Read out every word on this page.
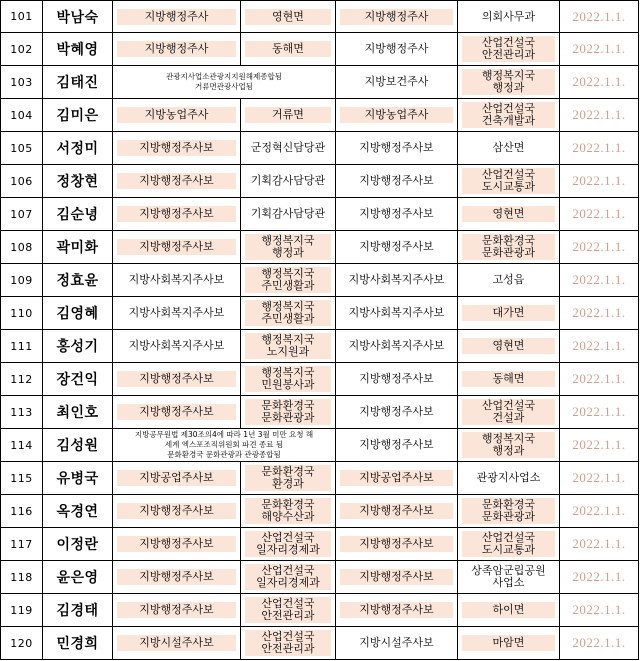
101	박남숙	지방행정주사	영현면	지방행정주사	의회사무과	2022.1.1.
102	박혜영	지방행정주사	동해면	지방행정주사	산업건설국
안전관리과	2022.1.1.
103	김태진	관광지사업소관광지지원해제종합됨
거류면관광사업됨		지방보건주사	행정복지국
행정과	2022.1.1.
104	김미은	지방농업주사	거류면	지방농업주사	산업건설국
건축개발과	2022.1.1.
105	서정미	지방행정주사보	군정혁신담당관	지방행정주사보	삼산면	2022.1.1.
106	정창현	지방행정주사보	기획감사담당관	지방행정주사보	산업건설국
도시교통과	2022.1.1.
107	김순녕	지방행정주사보	기획감사담당관	지방행정주사보	영현면	2022.1.1.
108	곽미화	지방행정주사보	행정복지국
행정과	지방행정주사보	문화환경국
문화관광과	2022.1.1.
109	정효윤	지방사회복지주사보	행정복지국
주민생활과	지방사회복지주사보	고성읍	2022.1.1.
110	김영혜	지방사회복지주사보	행정복지국
주민생활과	지방사회복지주사보	대가면	2022.1.1.
111	홍성기	지방사회복지주사보	행정복지국
노지원과	지방사회복지주사보	영현면	2022.1.1.
112	장건익	지방행정주사보	행정복지국
민원봉사과	지방행정주사보	동해면	2022.1.1.
113	최인호	지방행정주사보	문화환경국
문화관광과	지방행정주사보	산업건설국
건설과	2022.1.1.
114	김성원	지방공무원법 제30조의4에 따라 1년 3월 미만 요청 해
세계 엑스포조직위원회 파견 종료 됨
문화환경국 문화관광과 관광종합됨		지방행정주사보	행정복지국
행정과	2022.1.1.
115	유병국	지방공업주사보	문화환경국
환경과	지방공업주사보	관광지사업소	2022.1.1.
116	옥경연	지방행정주사보	문화환경국
해양수산과	지방행정주사보	문화환경국
문화관광과	2022.1.1.
117	이정란	지방행정주사보	산업건설국
일자리경제과	지방행정주사보	산업건설국
도시교통과	2022.1.1.
118	윤은영	지방행정주사보	산업건설국
일자리경제과	지방행정주사보	상족암군립공원
사업소	2022.1.1.
119	김경태	지방행정주사보	산업건설국
안전관리과	지방행정주사보	하이면	2022.1.1.
120	민경희	지방시설주사보	산업건설국
안전관리과	지방시설주사보	마암면	2022.1.1.
